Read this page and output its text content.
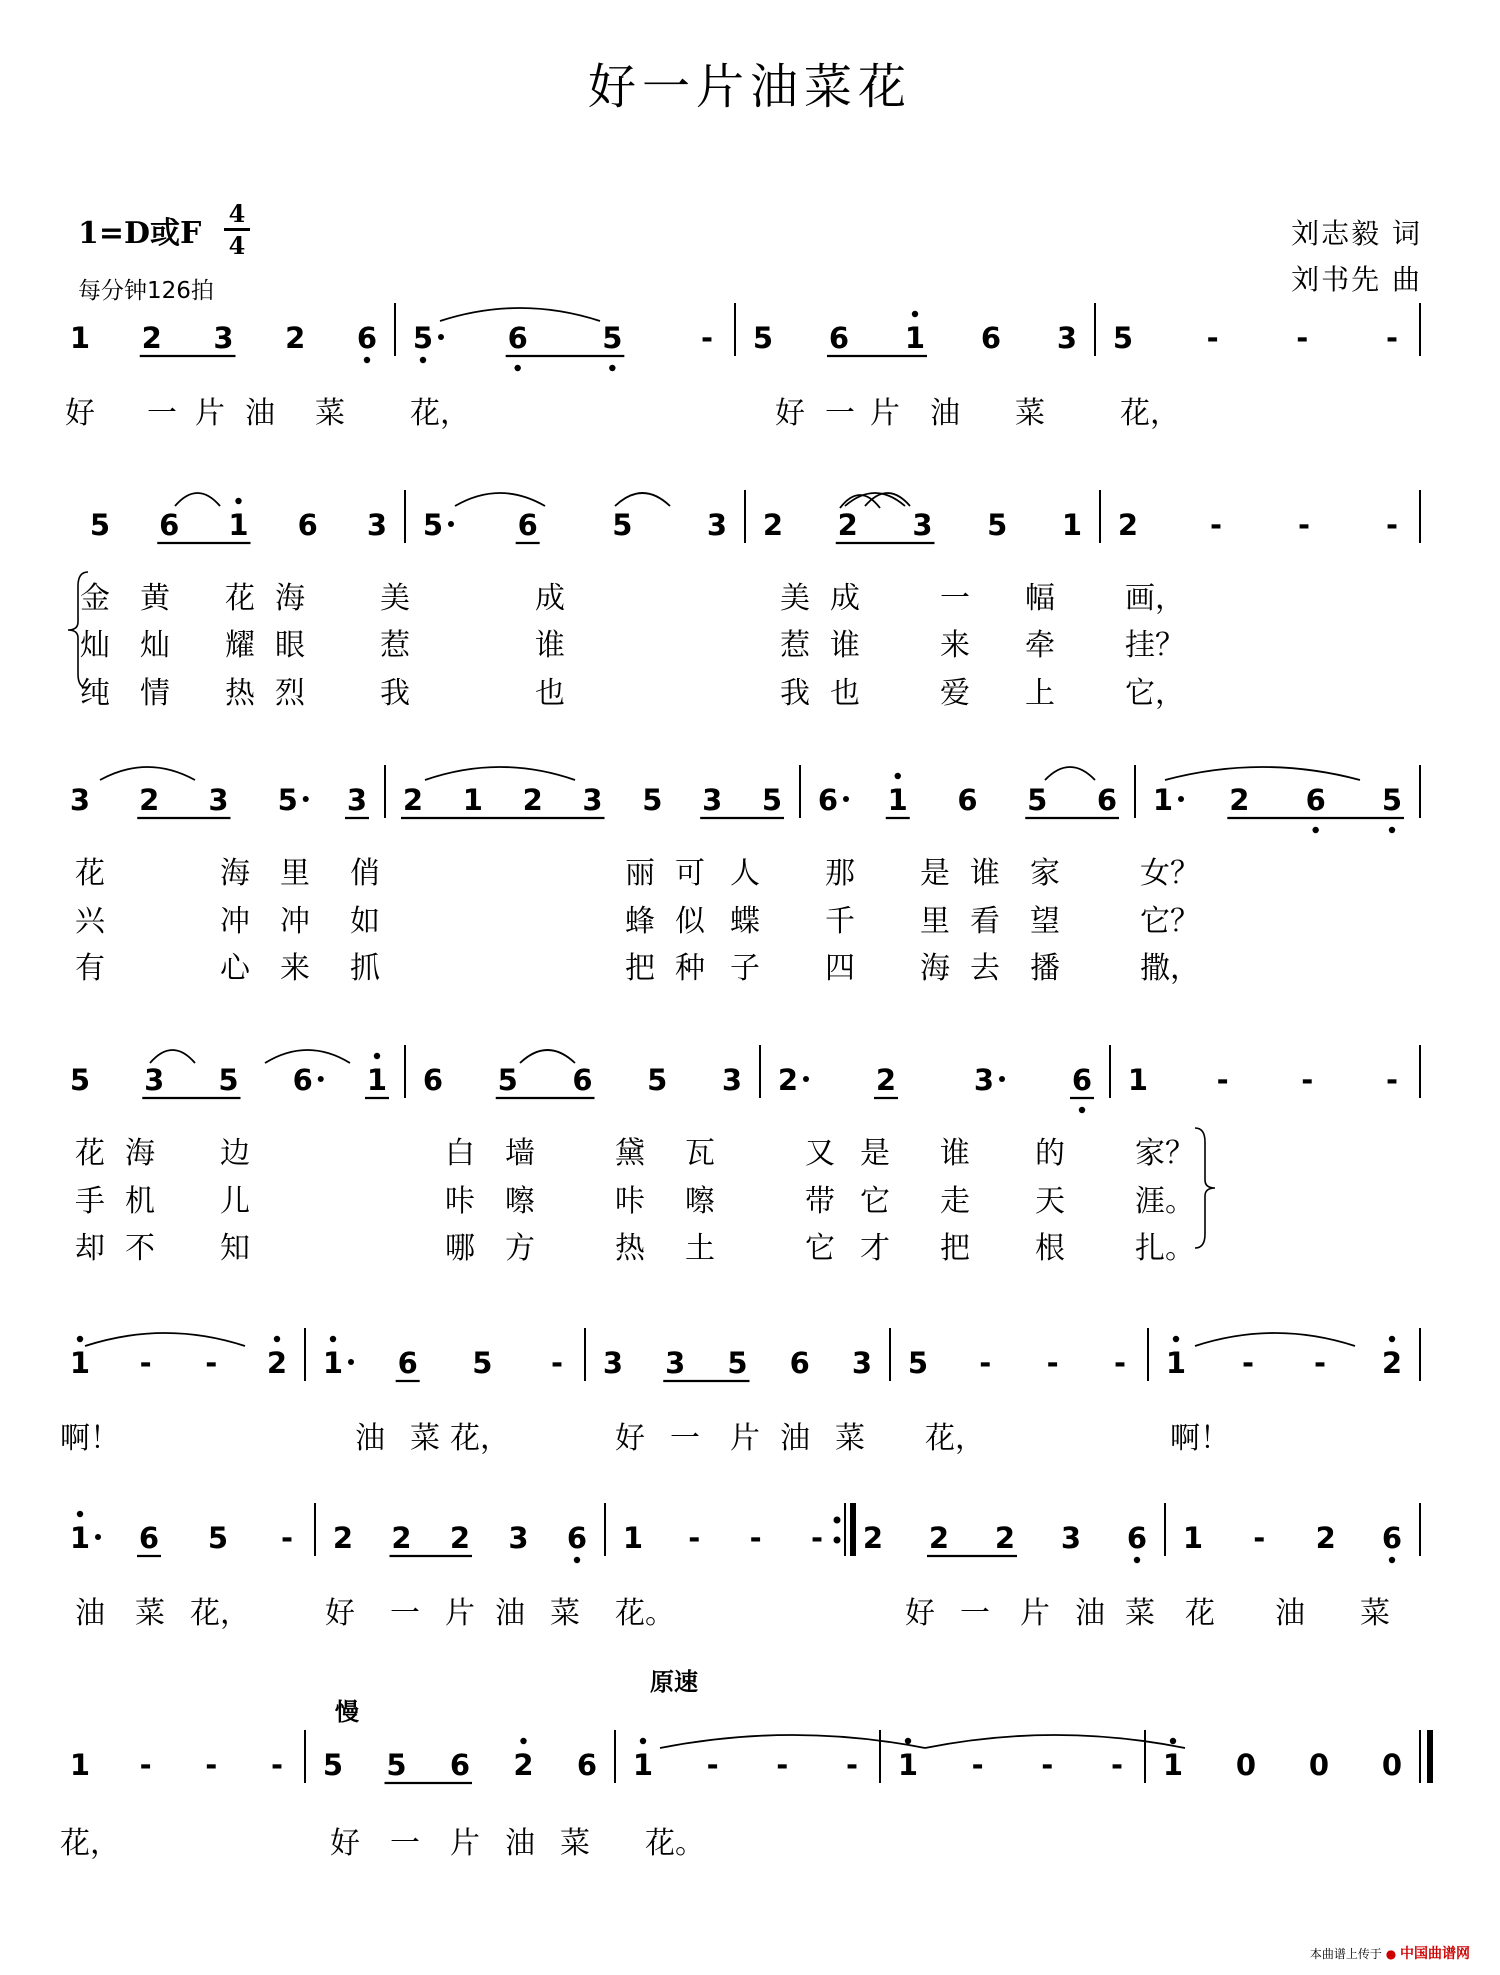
好一片油菜花
1=D或F
4
4
每分钟126拍
刘志毅 词
刘书先 曲
1 2 3 2 6 5	6	5	- 5 6 1 6 3 5	-	-	-
5 6 1 6 3 5	6	5	3 2 2 3 5 1 2 -	-	-
3 2 3 5 3 2 1 2 3 5 3 5 6 1 6 5 6 1 2 6 5
5 3 5 6 1 6 5 6 5 3 2	2	3	6 1 -	-	-
1 - - 2 1 6 5 - 3 3 5 6 3 5 - - - 1 - - 2
1 6 5 - 2 2 2 3 6 1 - - - 2 2 2 3 6 1 - 2 6
1 - - - 5 5 6 2 6 1 - - - 1 - - - 1 0 0 0
慢
原速
好 一 片 油 菜 花，	好 一 片 油 菜	花，
金 黄 花 海	美	成	美 成	一 幅 画，
灿 灿 耀 眼	惹	谁	惹 谁	来 牵 挂？
纯 情 热 烈	我	也	我 也	爱 上 它，
花	海 里 俏	丽 可 人 那 是 谁 家	女？
兴	冲 冲 如	蜂 似 蝶 千 里 看 望	它？
有	心 来 抓	把 种 子 四 海 去 播	撒，
花 海 边	白 墙	黛 瓦	又 是 谁 的 家？
手 机 儿	咔 嚓	咔 嚓	带 它 走 天 涯。
却 不 知	哪 方	热 土	它 才 把 根 扎。
啊！	油 菜 花，	好 一 片 油 菜 花，	啊！
油 菜 花，	好 一 片 油 菜 花。	好 一 片 油 菜 花 油 菜
花，	好 一 片 油 菜 花。
本曲谱上传于 ● 中国曲谱网
